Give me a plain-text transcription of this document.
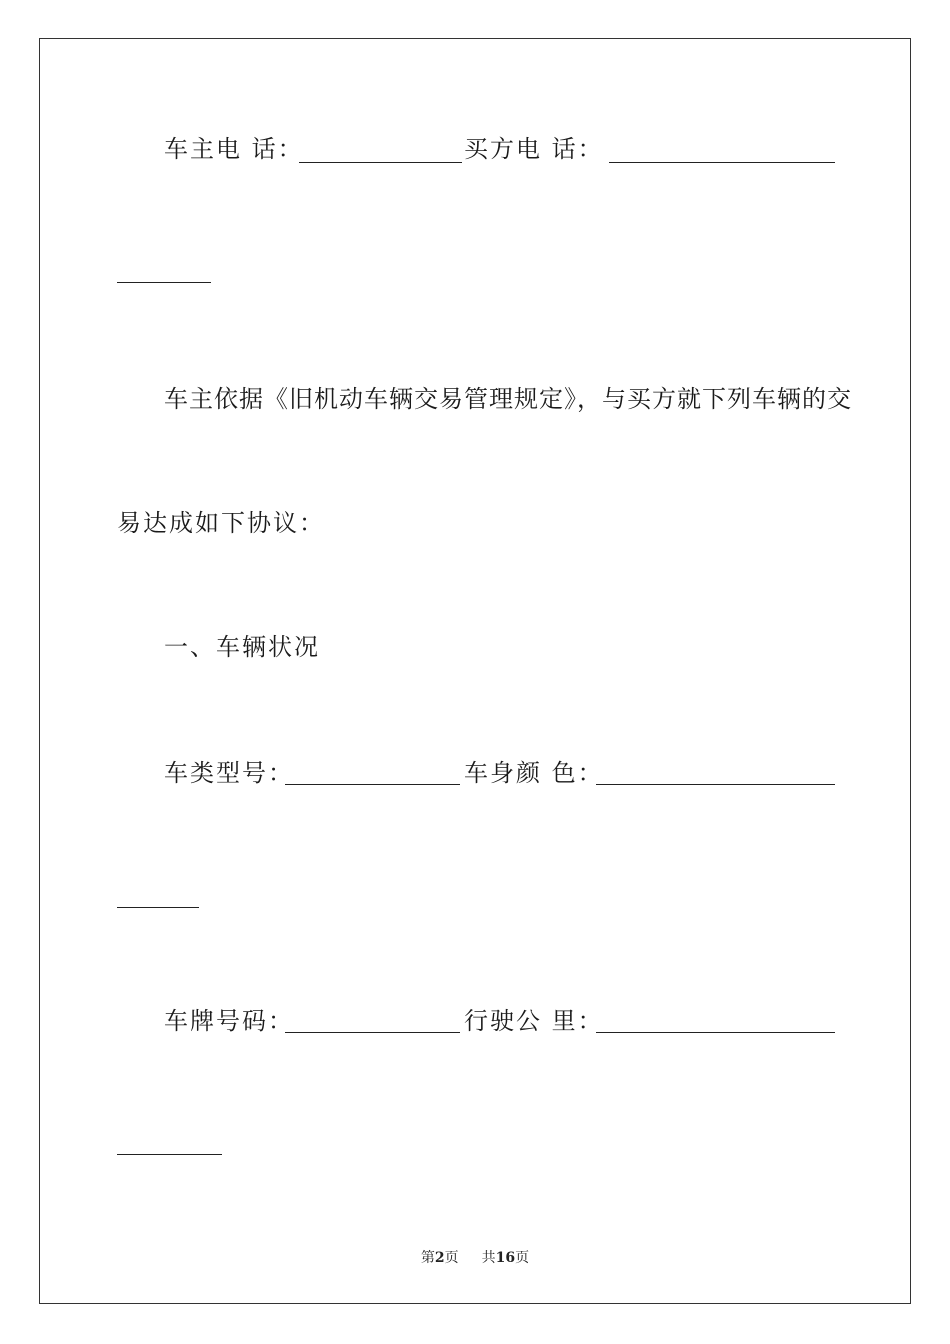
车主电 话：	买方电 话：
车主依据《旧机动车辆交易管理规定》，与买方就下列车辆的交
易达成如下协议：
一、车辆状况
车类型号：	车身颜 色：
车牌号码：	行驶公 里：
第2页 共16页
